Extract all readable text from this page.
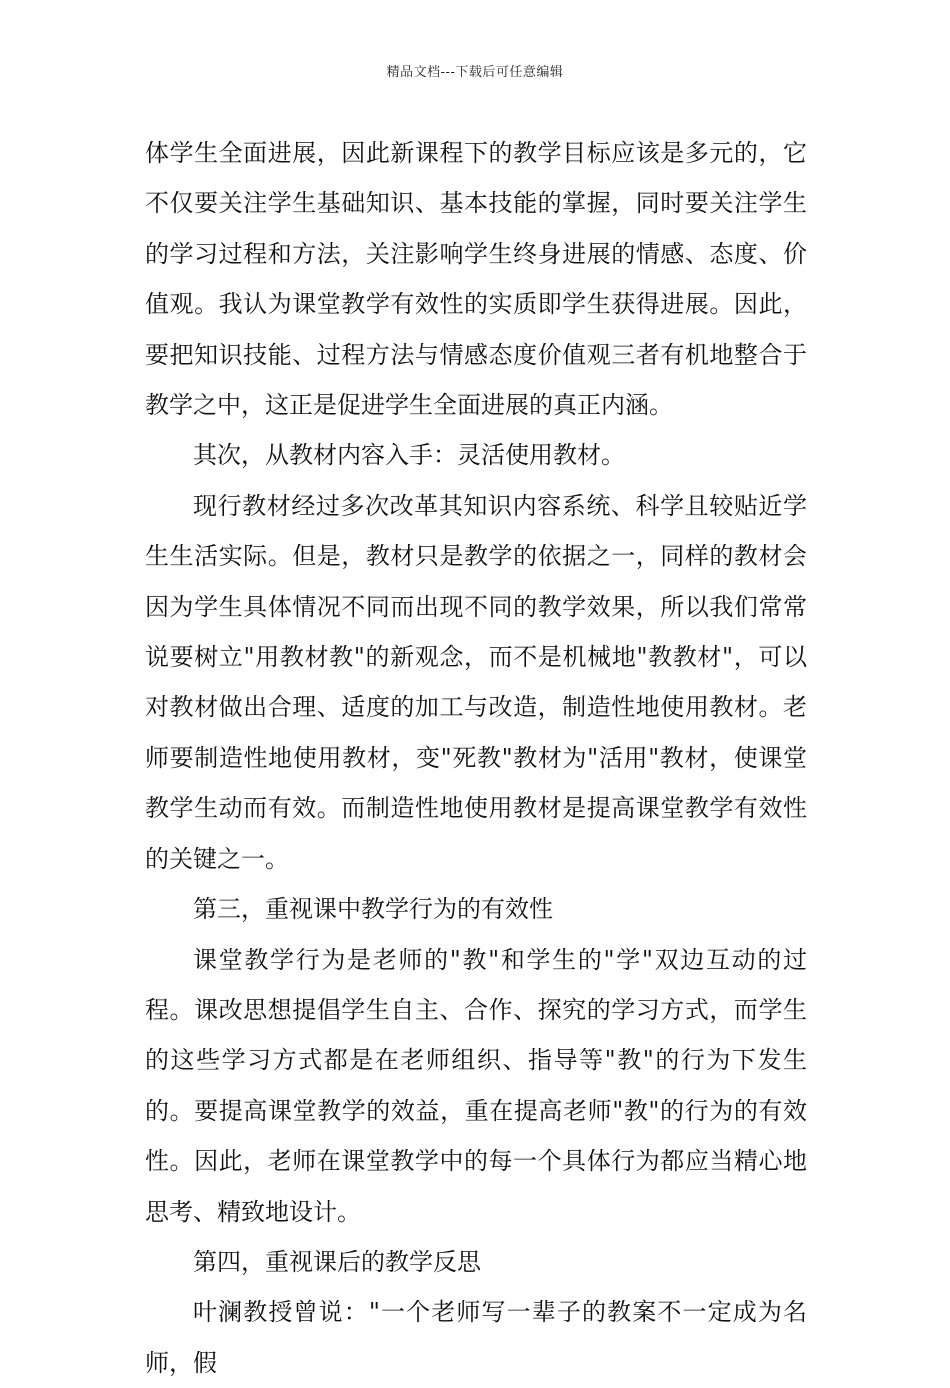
精品文档---下载后可任意编辑

体学生全面进展，因此新课程下的教学目标应该是多元的，它不仅要关注学生基础知识、基本技能的掌握，同时要关注学生的学习过程和方法，关注影响学生终身进展的情感、态度、价值观。我认为课堂教学有效性的实质即学生获得进展。因此，要把知识技能、过程方法与情感态度价值观三者有机地整合于教学之中，这正是促进学生全面进展的真正内涵。

其次，从教材内容入手：灵活使用教材。

现行教材经过多次改革其知识内容系统、科学且较贴近学生生活实际。但是，教材只是教学的依据之一，同样的教材会因为学生具体情况不同而出现不同的教学效果，所以我们常常说要树立"用教材教"的新观念，而不是机械地"教教材"，可以对教材做出合理、适度的加工与改造，制造性地使用教材。老师要制造性地使用教材，变"死教"教材为"活用"教材，使课堂教学生动而有效。而制造性地使用教材是提高课堂教学有效性的关键之一。

第三，重视课中教学行为的有效性

课堂教学行为是老师的"教"和学生的"学"双边互动的过程。课改思想提倡学生自主、合作、探究的学习方式，而学生的这些学习方式都是在老师组织、指导等"教"的行为下发生的。要提高课堂教学的效益，重在提高老师"教"的行为的有效性。因此，老师在课堂教学中的每一个具体行为都应当精心地思考、精致地设计。

第四，重视课后的教学反思

叶澜教授曾说："一个老师写一辈子的教案不一定成为名师，假
